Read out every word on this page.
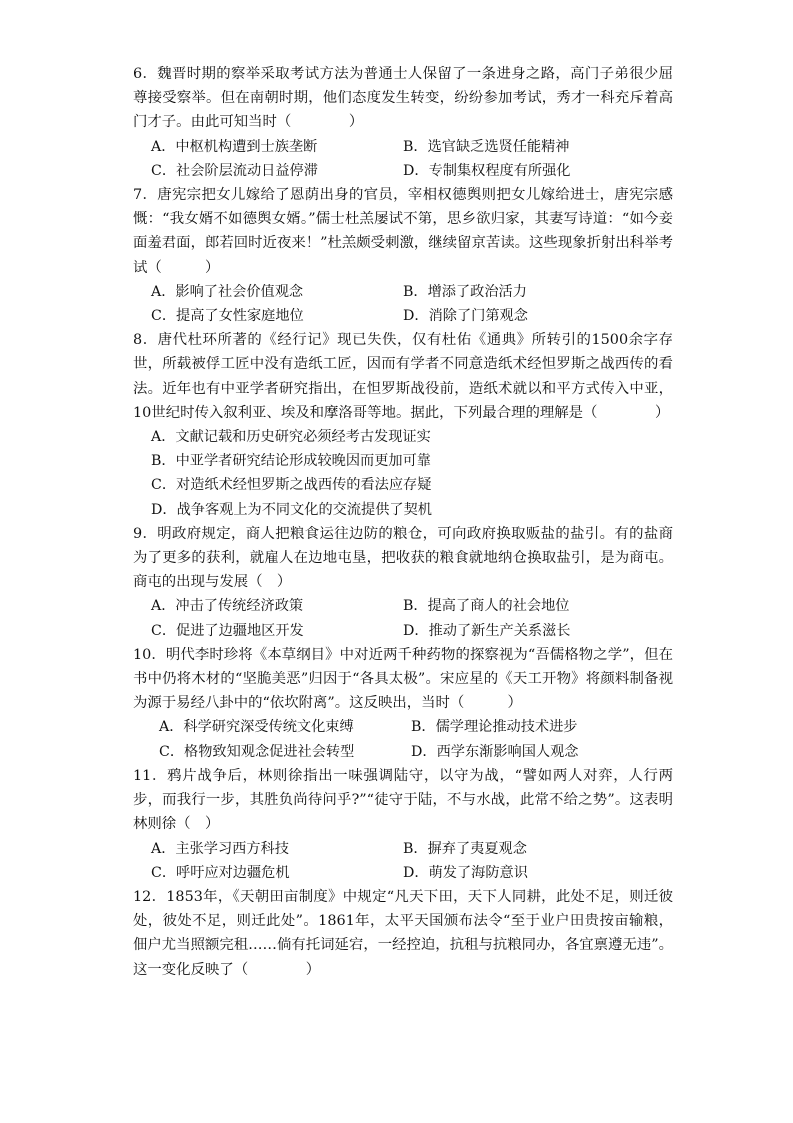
6．魏晋时期的察举采取考试方法为普通士人保留了一条进身之路，高门子弟很少屈尊接受察举。但在南朝时期，他们态度发生转变，纷纷参加考试，秀才一科充斥着高门才子。由此可知当时（　　　　）

A．中枢机构遭到士族垄断	B．选官缺乏选贤任能精神
C．社会阶层流动日益停滞	D．专制集权程度有所强化

7．唐宪宗把女儿嫁给了恩荫出身的官员，宰相权德舆则把女儿嫁给进士，唐宪宗感慨：“我女婿不如德舆女婿。”儒士杜羔屡试不第，思乡欲归家，其妻写诗道：“如今妾面羞君面，郎若回时近夜来！”杜羔颇受刺激，继续留京苦读。这些现象折射出科举考试（　　　）

A．影响了社会价值观念	B．增添了政治活力
C．提高了女性家庭地位	D．消除了门第观念

8．唐代杜环所著的《经行记》现已失佚，仅有杜佑《通典》所转引的1500余字存世，所载被俘工匠中没有造纸工匠，因而有学者不同意造纸术经怛罗斯之战西传的看法。近年也有中亚学者研究指出，在怛罗斯战役前，造纸术就以和平方式传入中亚，10世纪时传入叙利亚、埃及和摩洛哥等地。据此，下列最合理的理解是（　　　　）

A．文献记载和历史研究必须经考古发现证实
B．中亚学者研究结论形成较晚因而更加可靠
C．对造纸术经怛罗斯之战西传的看法应存疑
D．战争客观上为不同文化的交流提供了契机

9．明政府规定，商人把粮食运往边防的粮仓，可向政府换取贩盐的盐引。有的盐商为了更多的获利，就雇人在边地屯垦，把收获的粮食就地纳仓换取盐引，是为商屯。商屯的出现与发展（　）

A．冲击了传统经济政策	B．提高了商人的社会地位
C．促进了边疆地区开发	D．推动了新生产关系滋长

10．明代李时珍将《本草纲目》中对近两千种药物的探察视为“吾儒格物之学”，但在书中仍将木材的“坚脆美恶”归因于“各具太极”。宋应星的《天工开物》将颜料制备视为源于易经八卦中的“依坎附离”。这反映出，当时（　　　）

A．科学研究深受传统文化束缚	B．儒学理论推动技术进步
C．格物致知观念促进社会转型	D．西学东渐影响国人观念

11．鸦片战争后，林则徐指出一味强调陆守，以守为战，“譬如两人对弈，人行两步，而我行一步，其胜负尚待问乎?”“徒守于陆，不与水战，此常不给之势”。这表明林则徐（　）

A．主张学习西方科技	B．摒弃了夷夏观念
C．呼吁应对边疆危机	D．萌发了海防意识

12．1853年，《天朝田亩制度》中规定“凡天下田，天下人同耕，此处不足，则迁彼处，彼处不足，则迁此处”。1861年，太平天国颁布法令“至于业户田贵按亩输粮，佃户尤当照额完租……倘有托词延宕，一经控迫，抗租与抗粮同办，各宜禀遵无违”。这一变化反映了（　　　　）
